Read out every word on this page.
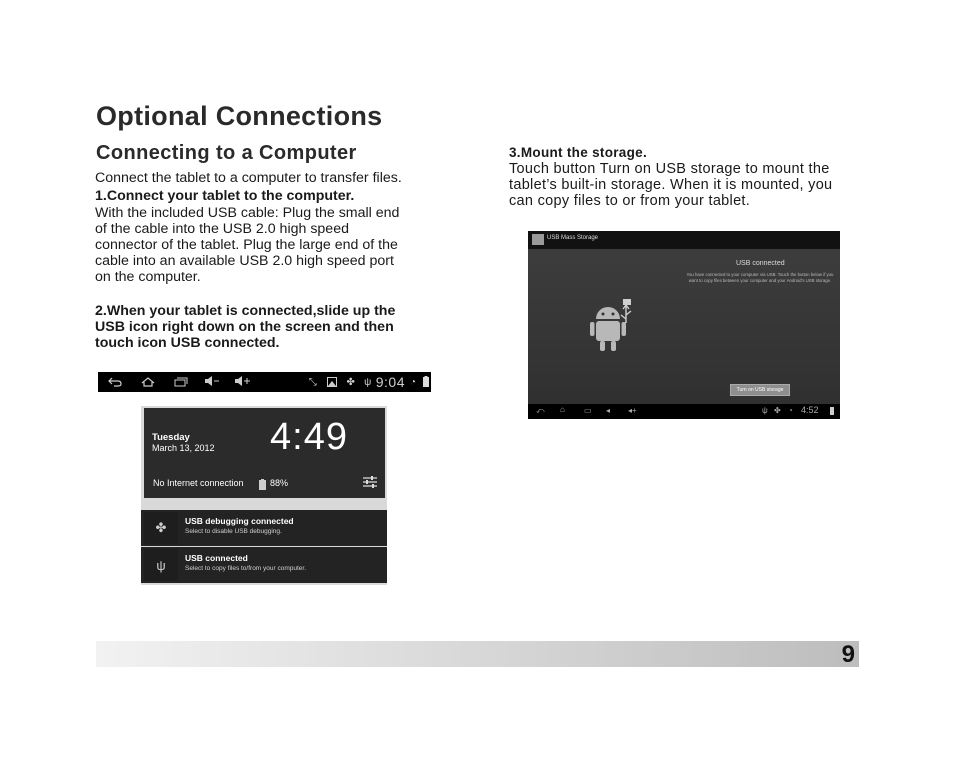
Optional Connections
Connecting to a Computer

Connect the tablet to a computer to transfer files.

1.Connect your tablet to the computer.

With the included USB cable: Plug the small end
of the cable into the USB 2.0 high speed
connector of the tablet. Plug the large end of the
cable into an available USB 2.0 high speed port
on the computer.
2.When your tablet is connected,slide up the
USB icon right down on the screen and then
touch icon USB connected.

3.Mount the storage.

Touch button Turn on USB storage to mount the
tablet’s built-in storage. When it is mounted, you
can copy files to or from your tablet.
⤡	✤ ψ 9:04 ◔
Tuesday
March 13, 2012 4:49
No Internet connection	88%
✤	USB debugging connected
Select to disable USB debugging.
ψ	USB connected
Select to copy files to/from your computer.
USB Mass Storage
USB connected
You have connected to your computer via USB. Touch the button below if you want to copy files between your computer and your Android's USB storage.
Turn on USB storage
⤺ ⌂ ▭ ◂ ◂+	ψ ✤ ◔ 4:52
9
